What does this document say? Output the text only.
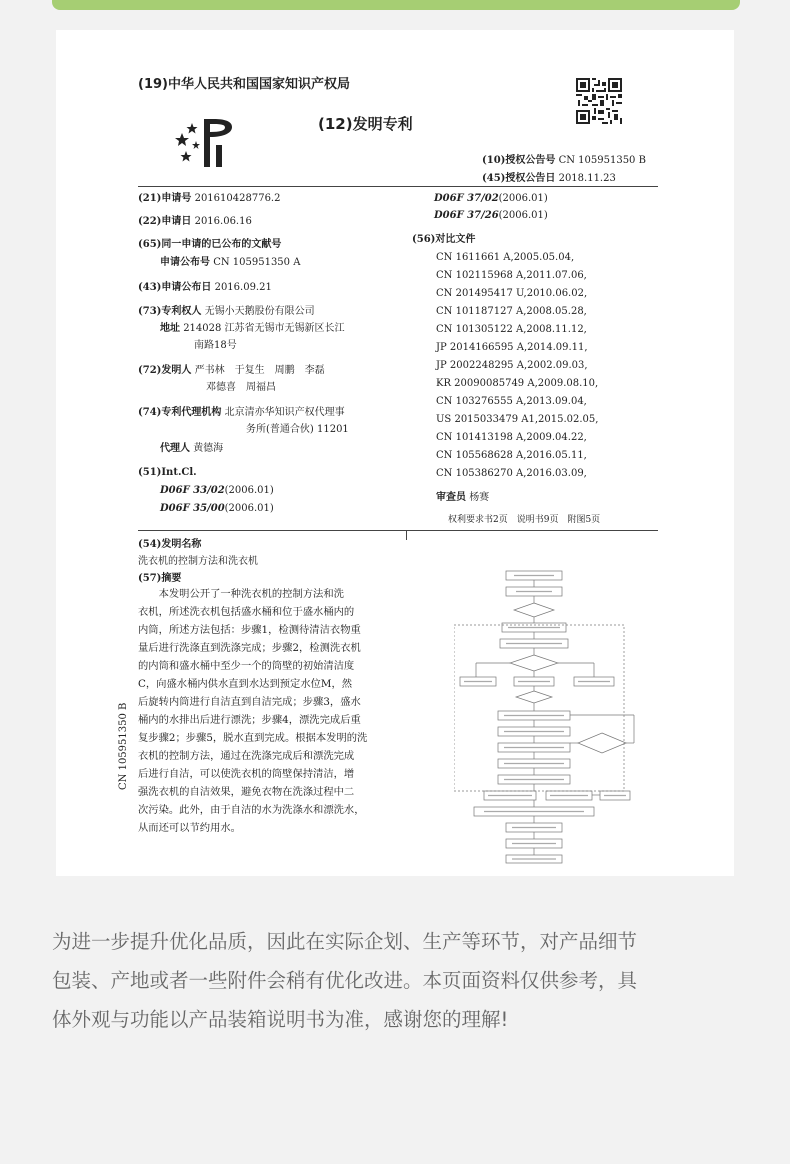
(19)中华人民共和国国家知识产权局
(12)发明专利
(10)授权公告号 CN 105951350 B
(45)授权公告日 2018.11.23
(21)申请号 201610428776.2
(22)申请日 2016.06.16
(65)同一申请的已公布的文献号
申请公布号 CN 105951350 A
(43)申请公布日 2016.09.21
(73)专利权人 无锡小天鹅股份有限公司
地址 214028 江苏省无锡市无锡新区长江
南路18号
(72)发明人 严书林　于复生　周鹏　李磊
邓德喜　周福昌
(74)专利代理机构 北京清亦华知识产权代理事
务所(普通合伙) 11201
代理人 黄德海
(51)Int.Cl.
D06F 33/02(2006.01)
D06F 35/00(2006.01)
D06F 37/02(2006.01)
D06F 37/26(2006.01)
(56)对比文件
CN 1611661 A,2005.05.04,
CN 102115968 A,2011.07.06,
CN 201495417 U,2010.06.02,
CN 101187127 A,2008.05.28,
CN 101305122 A,2008.11.12,
JP 2014166595 A,2014.09.11,
JP 2002248295 A,2002.09.03,
KR 20090085749 A,2009.08.10,
CN 103276555 A,2013.09.04,
US 2015033479 A1,2015.02.05,
CN 101413198 A,2009.04.22,
CN 105568628 A,2016.05.11,
CN 105386270 A,2016.03.09,
审查员 杨赛
权利要求书2页　说明书9页　附图5页
(54)发明名称
洗衣机的控制方法和洗衣机
(57)摘要
　　本发明公开了一种洗衣机的控制方法和洗
衣机，所述洗衣机包括盛水桶和位于盛水桶内的
内筒，所述方法包括：步骤1，检测待清洁衣物重
量后进行洗涤直到洗涤完成；步骤2，检测洗衣机
的内筒和盛水桶中至少一个的筒壁的初始清洁度
C，向盛水桶内供水直到水达到预定水位M，然
后旋转内筒进行自洁直到自洁完成；步骤3，盛水
桶内的水排出后进行漂洗；步骤4，漂洗完成后重
复步骤2；步骤5，脱水直到完成。根据本发明的洗
衣机的控制方法，通过在洗涤完成后和漂洗完成
后进行自洁，可以使洗衣机的筒壁保持清洁，增
强洗衣机的自洁效果，避免衣物在洗涤过程中二
次污染。此外，由于自洁的水为洗涤水和漂洗水，
从而还可以节约用水。
CN 105951350 B
为进一步提升优化品质，因此在实际企划、生产等环节，对产品细节
包装、产地或者一些附件会稍有优化改进。本页面资料仅供参考，具
体外观与功能以产品装箱说明书为准，感谢您的理解!
